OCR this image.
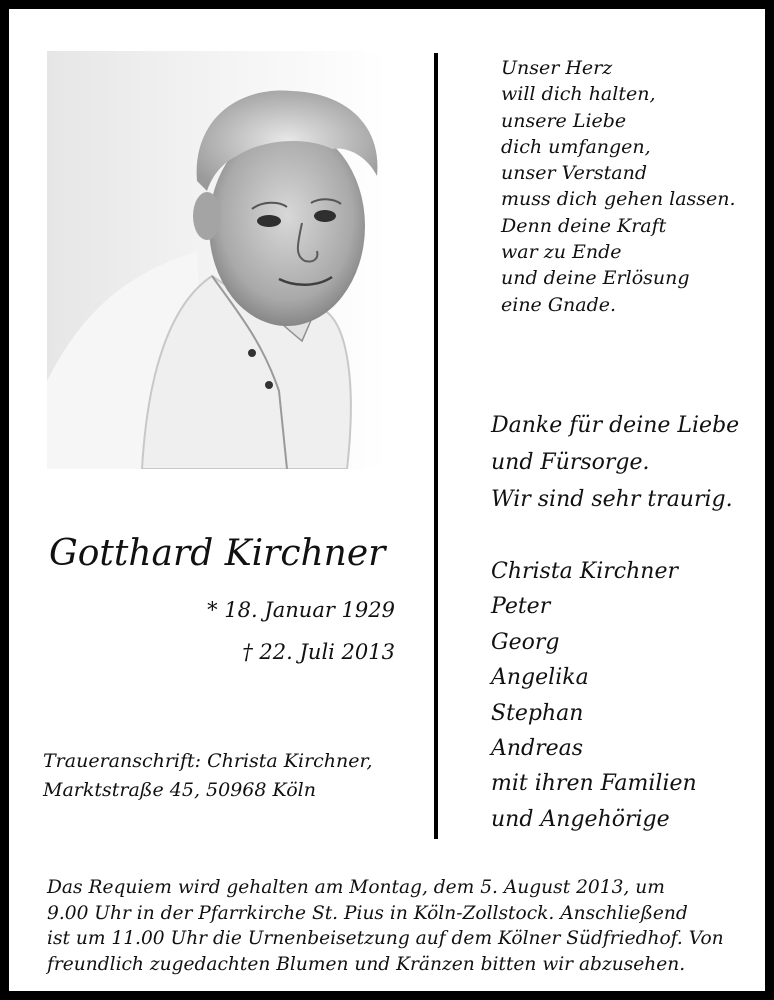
Unser Herz
will dich halten,
unsere Liebe
dich umfangen,
unser Verstand
muss dich gehen lassen.
Denn deine Kraft
war zu Ende
und deine Erlösung
eine Gnade.
Danke für deine Liebe
und Fürsorge.
Wir sind sehr traurig.
Gotthard Kirchner
* 18. Januar 1929
† 22. Juli 2013
Christa Kirchner
Peter
Georg
Angelika
Stephan
Andreas
mit ihren Familien
und Angehörige
Traueranschrift: Christa Kirchner,
Marktstraße 45, 50968 Köln
Das Requiem wird gehalten am Montag, dem 5. August 2013, um
9.00 Uhr in der Pfarrkirche St. Pius in Köln-Zollstock. Anschließend
ist um 11.00 Uhr die Urnenbeisetzung auf dem Kölner Südfriedhof. Von
freundlich zugedachten Blumen und Kränzen bitten wir abzusehen.
